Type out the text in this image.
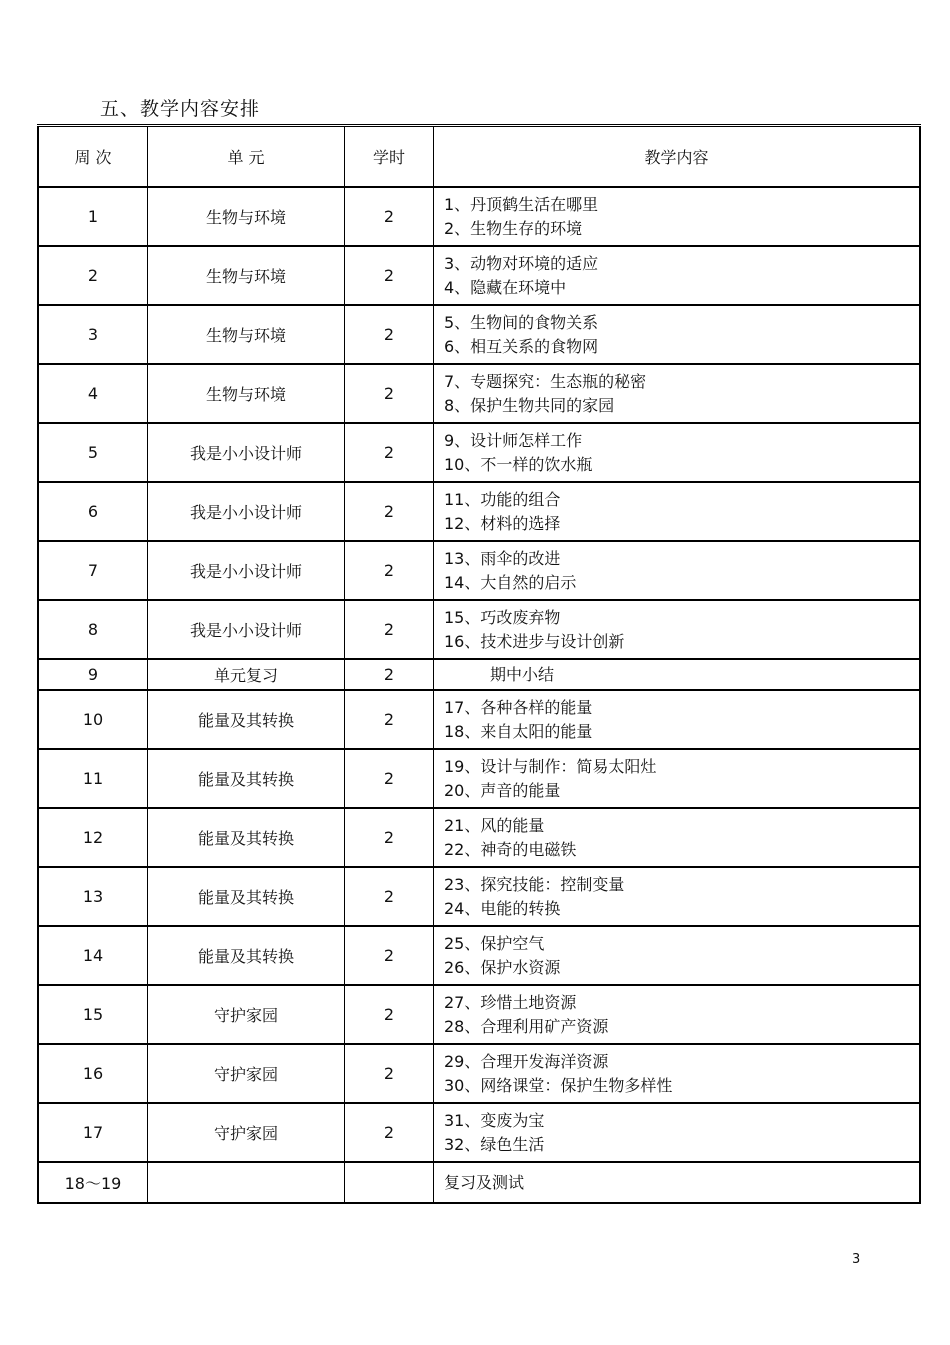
五、教学内容安排
周 次	单 元	学时	教学内容
1	生物与环境	2	1、丹顶鹤生活在哪里
2、生物生存的环境

2	生物与环境	2	3、动物对环境的适应
4、隐藏在环境中

3	生物与环境	2	5、生物间的食物关系
6、相互关系的食物网

4	生物与环境	2	7、专题探究：生态瓶的秘密
8、保护生物共同的家园

5	我是小小设计师	2	9、设计师怎样工作
10、不一样的饮水瓶

6	我是小小设计师	2	11、功能的组合
12、材料的选择

7	我是小小设计师	2	13、雨伞的改进
14、大自然的启示

8	我是小小设计师	2	15、巧改废弃物
16、技术进步与设计创新

9	单元复习	2	期中小结

10	能量及其转换	2	17、各种各样的能量
18、来自太阳的能量

11	能量及其转换	2	19、设计与制作：简易太阳灶
20、声音的能量

12	能量及其转换	2	21、风的能量
22、神奇的电磁铁

13	能量及其转换	2	23、探究技能：控制变量
24、电能的转换

14	能量及其转换	2	25、保护空气
26、保护水资源

15	守护家园	2	27、珍惜土地资源
28、合理利用矿产资源

16	守护家园	2	29、合理开发海洋资源
30、网络课堂：保护生物多样性

17	守护家园	2	31、变废为宝
32、绿色生活

18～19			复习及测试
3
